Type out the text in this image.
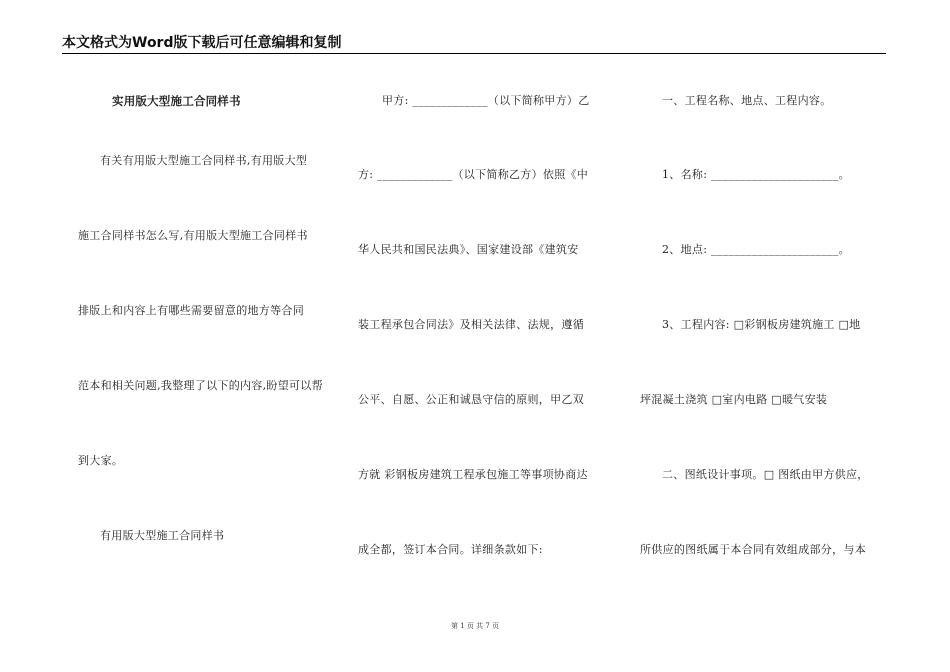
本文格式为Word版下载后可任意编辑和复制
实用版大型施工合同样书
有关有用版大型施工合同样书,有用版大型
施工合同样书怎么写,有用版大型施工合同样书
排版上和内容上有哪些需要留意的地方等合同
范本和相关问题,我整理了以下的内容,盼望可以帮
到大家。
有用版大型施工合同样书
甲方: _____________（以下简称甲方）乙
方: _____________（以下简称乙方）依照《中
华人民共和国民法典》、国家建设部《建筑安
装工程承包合同法》及相关法律、法规，遵循
公平、自愿、公正和诚恳守信的原则，甲乙双
方就 彩钢板房建筑工程承包施工等事项协商达
成全都，签订本合同。详细条款如下:
一、工程名称、地点、工程内容。
1、名称: ______________________。
2、地点: ______________________。
3、工程内容: □彩钢板房建筑施工 □地
坪混凝土浇筑 □室内电路 □暖气安装
二、图纸设计事项。□ 图纸由甲方供应，
所供应的图纸属于本合同有效组成部分，与本
第 1 页 共 7 页
